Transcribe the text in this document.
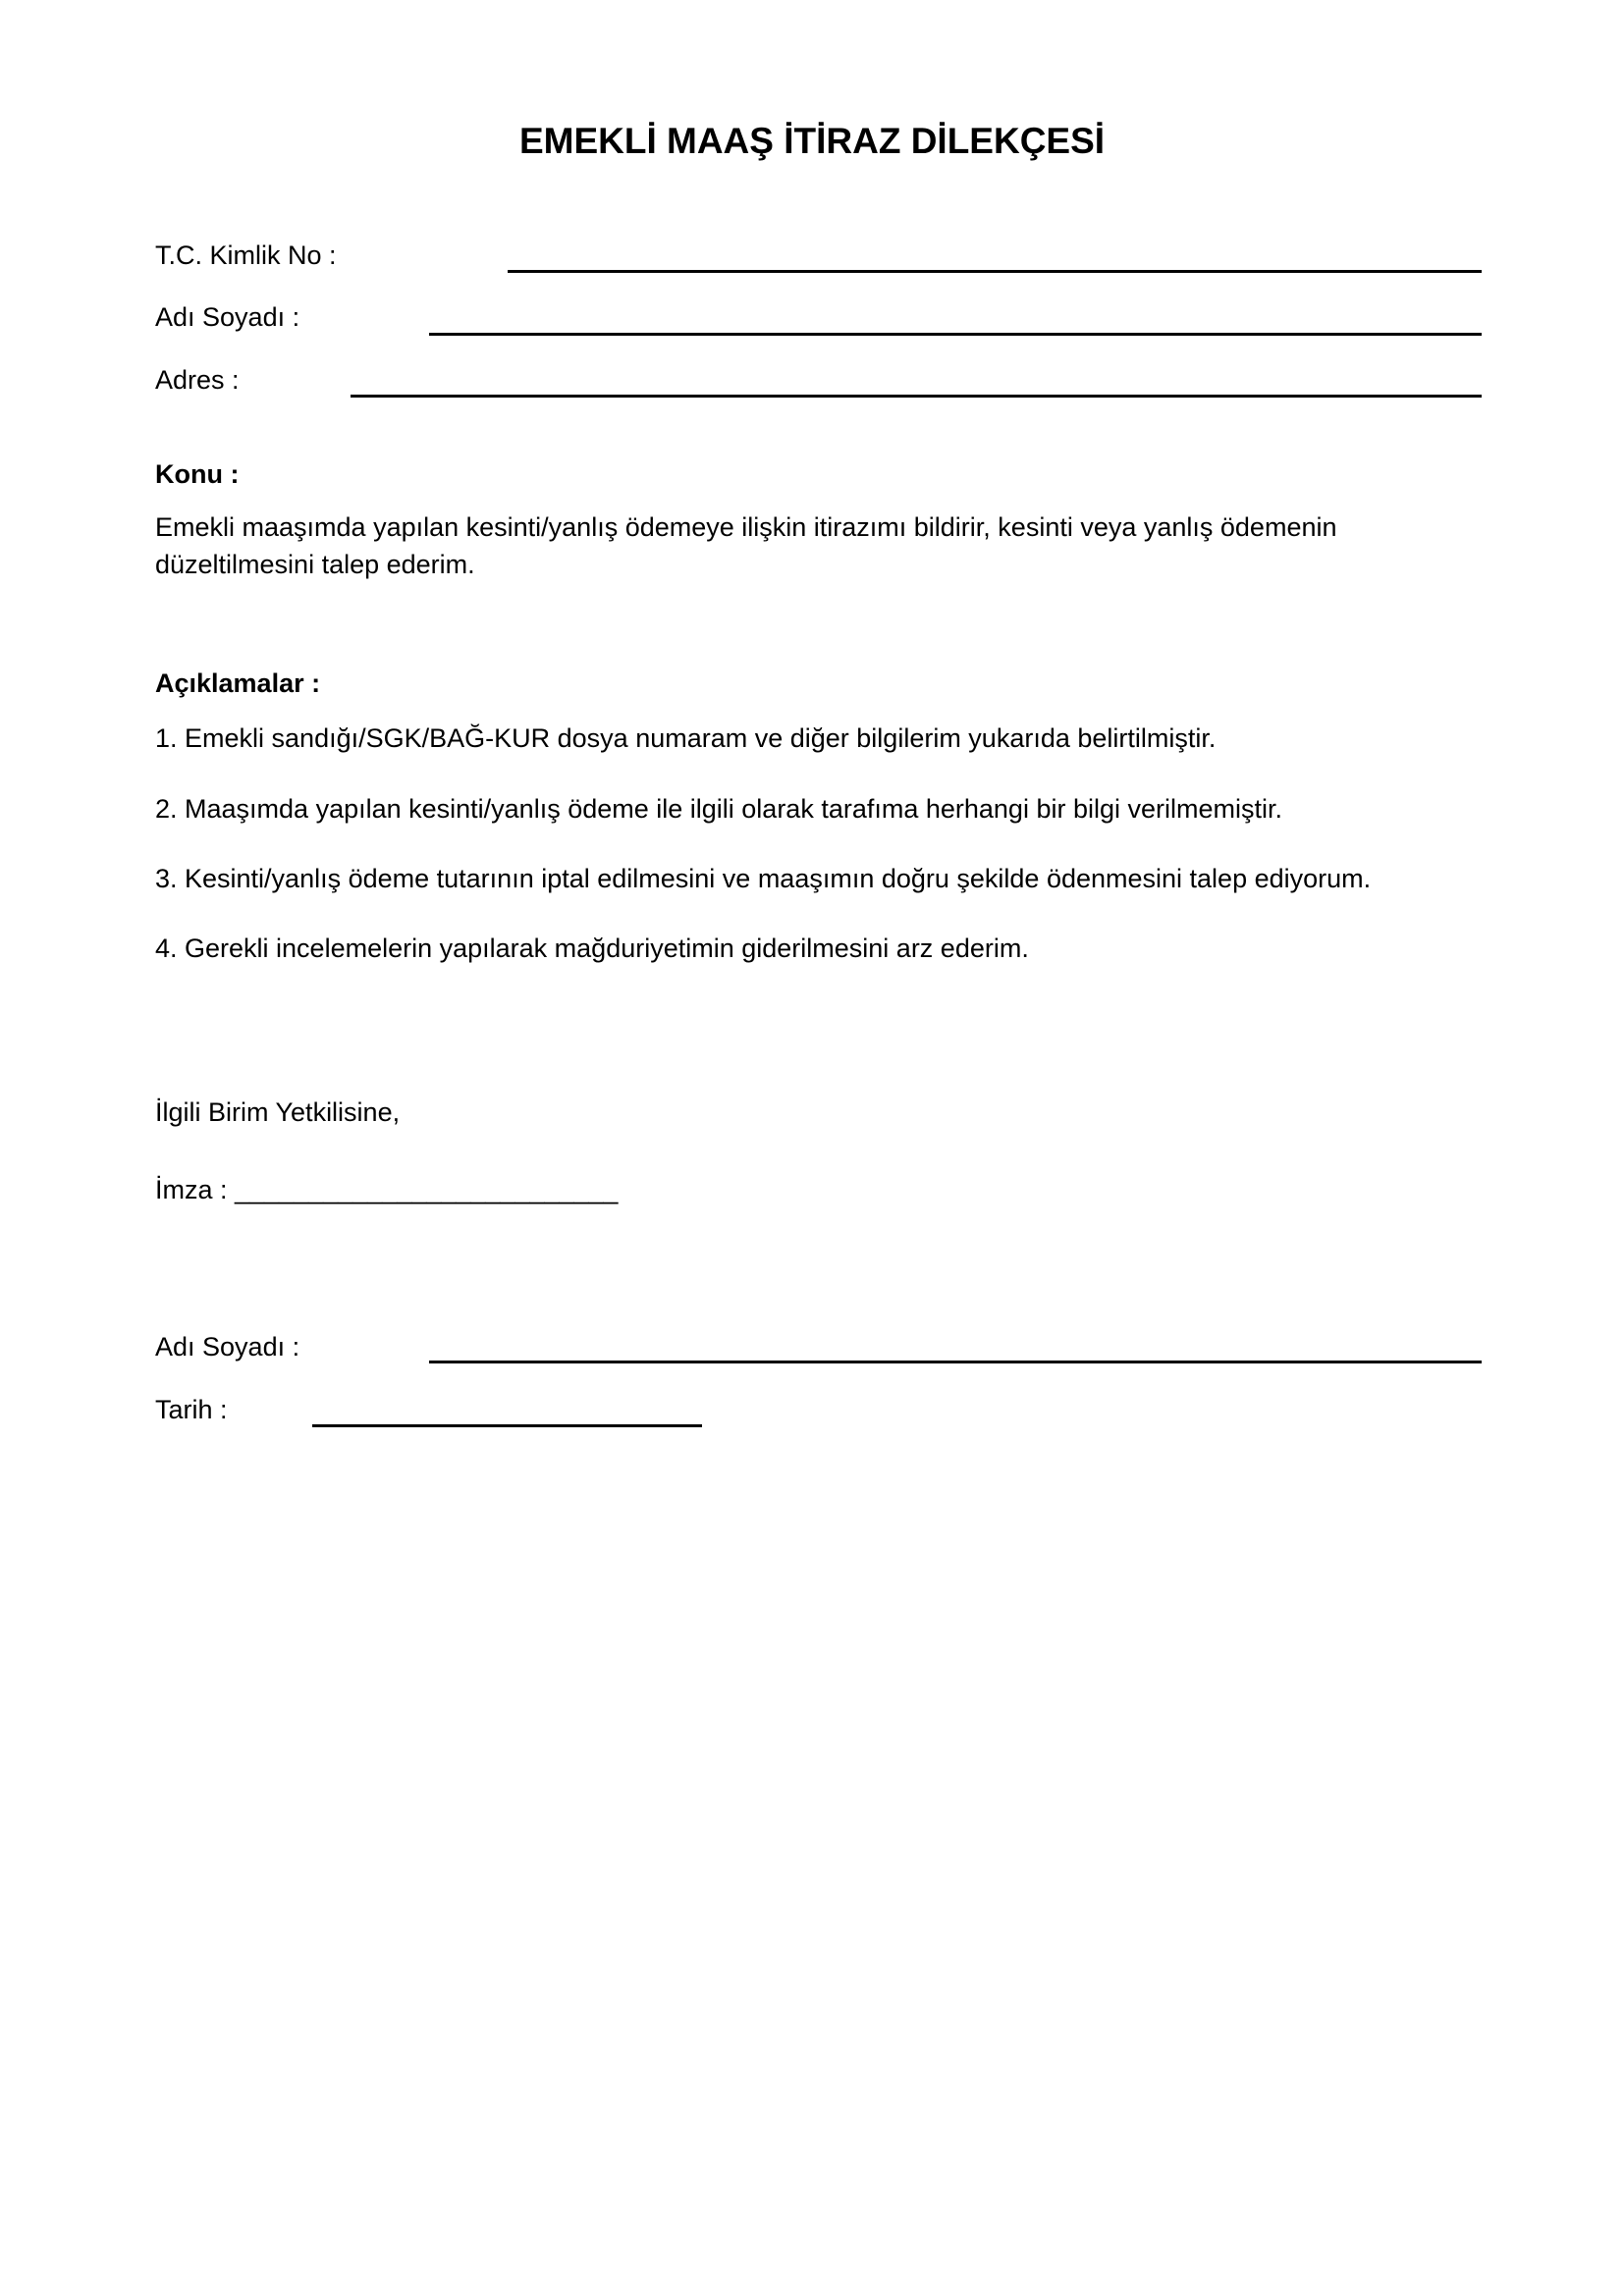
EMEKLİ MAAŞ İTİRAZ DİLEKÇESİ
T.C. Kimlik No :
Adı Soyadı :
Adres :
Konu :
Emekli maaşımda yapılan kesinti/yanlış ödemeye ilişkin itirazımı bildirir, kesinti veya yanlış ödemenin düzeltilmesini talep ederim.
Açıklamalar :
1. Emekli sandığı/SGK/BAĞ-KUR dosya numaram ve diğer bilgilerim yukarıda belirtilmiştir.
2. Maaşımda yapılan kesinti/yanlış ödeme ile ilgili olarak tarafıma herhangi bir bilgi verilmemiştir.
3. Kesinti/yanlış ödeme tutarının iptal edilmesini ve maaşımın doğru şekilde ödenmesini talep ediyorum.
4. Gerekli incelemelerin yapılarak mağduriyetimin giderilmesini arz ederim.
İlgili Birim Yetkilisine,
İmza : __________________________
Adı Soyadı :
Tarih :
